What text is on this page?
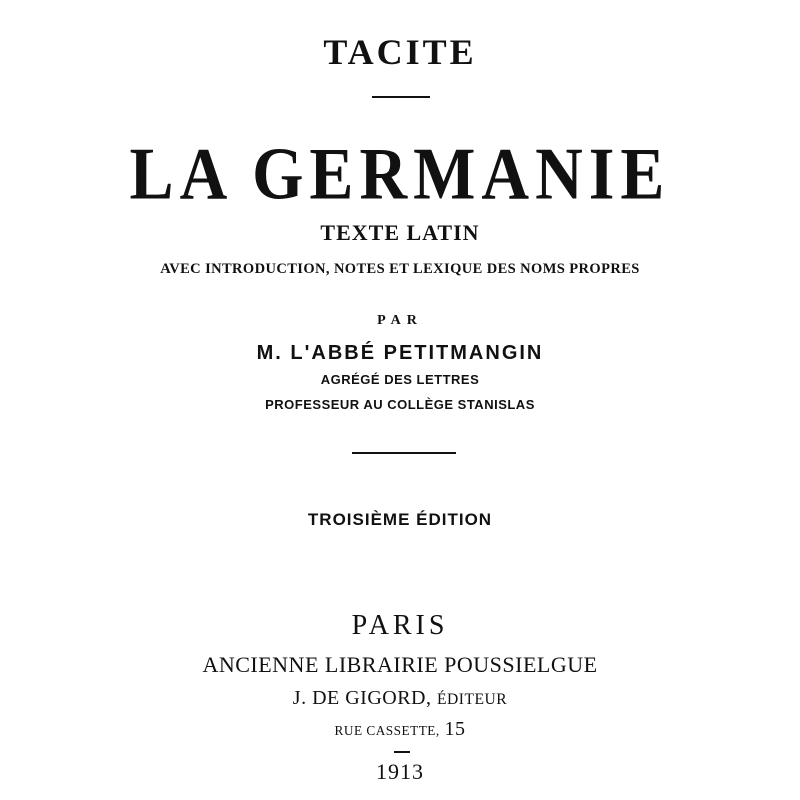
TACITE
LA GERMANIE
TEXTE LATIN
AVEC INTRODUCTION, NOTES ET LEXIQUE DES NOMS PROPRES
PAR
M. L'ABBÉ PETITMANGIN
AGRÉGÉ DES LETTRES
PROFESSEUR AU COLLÈGE STANISLAS
TROISIÈME ÉDITION
PARIS
ANCIENNE LIBRAIRIE POUSSIELGUE
J. DE GIGORD, ÉDITEUR
RUE CASSETTE, 15
1913
